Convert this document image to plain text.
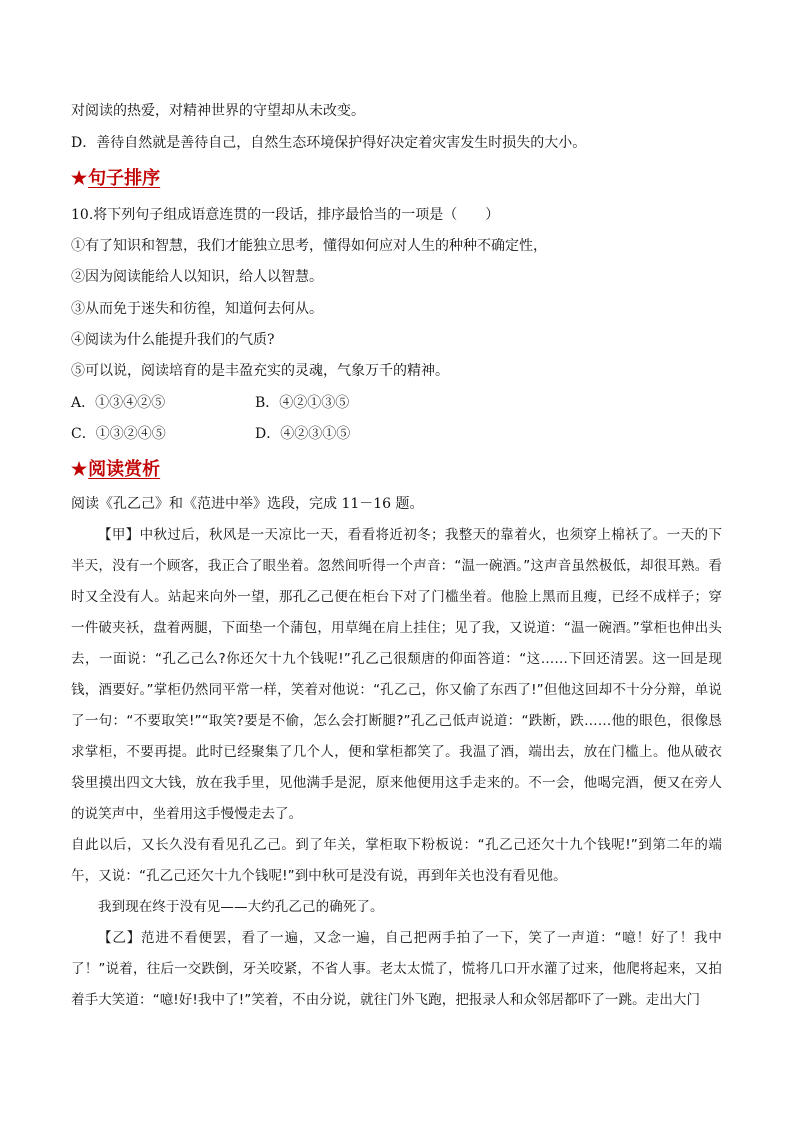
对阅读的热爱，对精神世界的守望却从未改变。
D．善待自然就是善待自己，自然生态环境保护得好决定着灾害发生时损失的大小。
★句子排序
10.将下列句子组成语意连贯的一段话，排序最恰当的一项是（　　）
①有了知识和智慧，我们才能独立思考，懂得如何应对人生的种种不确定性，
②因为阅读能给人以知识，给人以智慧。
③从而免于迷失和彷徨，知道何去何从。
④阅读为什么能提升我们的气质?
⑤可以说，阅读培育的是丰盈充实的灵魂，气象万千的精神。
A．①③④②⑤	B．④②①③⑤
C．①③②④⑤	D．④②③①⑤
★阅读赏析
阅读《孔乙己》和《范进中举》选段，完成 11－16 题。

【甲】中秋过后，秋风是一天凉比一天，看看将近初冬；我整天的靠着火，也须穿上棉袄了。一天的下半天，没有一个顾客，我正合了眼坐着。忽然间听得一个声音：“温一碗酒。”这声音虽然极低，却很耳熟。看时又全没有人。站起来向外一望，那孔乙己便在柜台下对了门槛坐着。他脸上黑而且瘦，已经不成样子；穿一件破夹袄，盘着两腿，下面垫一个蒲包，用草绳在肩上挂住；见了我，又说道：“温一碗酒。”掌柜也伸出头去，一面说：“孔乙己么?你还欠十九个钱呢!”孔乙己很颓唐的仰面答道：“这……下回还清罢。这一回是现钱，酒要好。”掌柜仍然同平常一样，笑着对他说：“孔乙己，你又偷了东西了!”但他这回却不十分分辩，单说了一句：“不要取笑!”“取笑?要是不偷，怎么会打断腿?”孔乙己低声说道：“跌断，跌……他的眼色，很像恳求掌柜，不要再提。此时已经聚集了几个人，便和掌柜都笑了。我温了酒，端出去，放在门槛上。他从破衣袋里摸出四文大钱，放在我手里，见他满手是泥，原来他便用这手走来的。不一会，他喝完酒，便又在旁人的说笑声中，坐着用这手慢慢走去了。

自此以后，又长久没有看见孔乙己。到了年关，掌柜取下粉板说：“孔乙己还欠十九个钱呢!”到第二年的端午，又说：“孔乙己还欠十九个钱呢!”到中秋可是没有说，再到年关也没有看见他。

我到现在终于没有见——大约孔乙己的确死了。

【乙】范进不看便罢，看了一遍，又念一遍，自己把两手拍了一下，笑了一声道：“噫！好了！我中了！”说着，往后一交跌倒，牙关咬紧，不省人事。老太太慌了，慌将几口开水灌了过来，他爬将起来，又拍着手大笑道：“噫!好!我中了!”笑着，不由分说，就往门外飞跑，把报录人和众邻居都吓了一跳。走出大门
